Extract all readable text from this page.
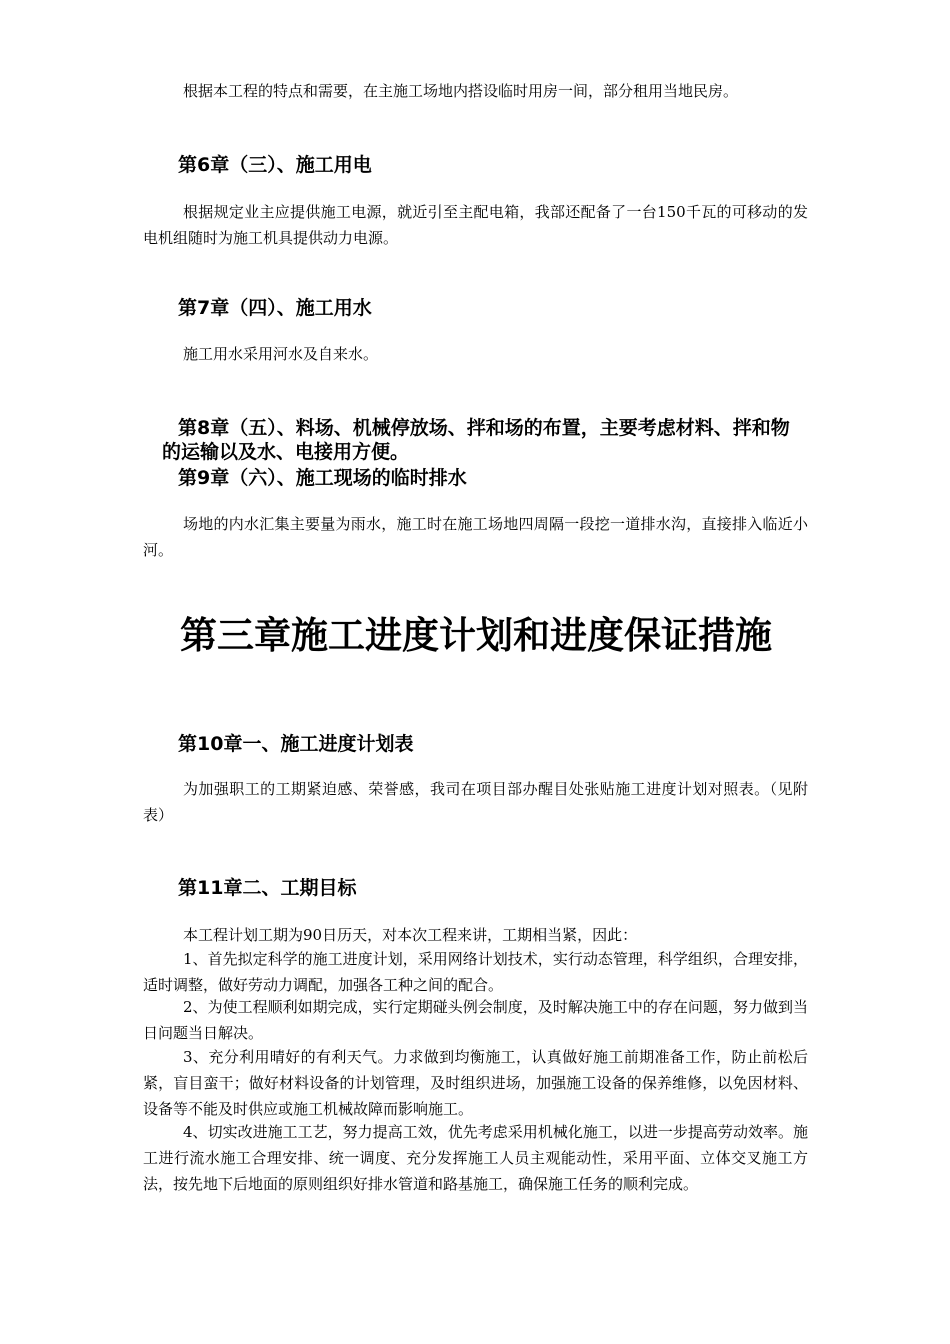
根据本工程的特点和需要，在主施工场地内搭设临时用房一间，部分租用当地民房。

第6章（三）、施工用电

根据规定业主应提供施工电源，就近引至主配电箱，我部还配备了一台150千瓦的可移动的发电机组随时为施工机具提供动力电源。

第7章（四）、施工用水

施工用水采用河水及自来水。

第8章（五）、料场、机械停放场、拌和场的布置，主要考虑材料、拌和物的运输以及水、电接用方便。
第9章（六）、施工现场的临时排水

场地的内水汇集主要量为雨水，施工时在施工场地四周隔一段挖一道排水沟，直接排入临近小河。

第三章施工进度计划和进度保证措施
第10章一、施工进度计划表

为加强职工的工期紧迫感、荣誉感，我司在项目部办醒目处张贴施工进度计划对照表。（见附表）

第11章二、工期目标

本工程计划工期为90日历天，对本次工程来讲，工期相当紧，因此：

1、首先拟定科学的施工进度计划，采用网络计划技术，实行动态管理，科学组织，合理安排，适时调整，做好劳动力调配，加强各工种之间的配合。

2、为使工程顺利如期完成，实行定期碰头例会制度，及时解决施工中的存在问题，努力做到当日问题当日解决。

3、充分利用晴好的有利天气。力求做到均衡施工，认真做好施工前期准备工作，防止前松后紧，盲目蛮干；做好材料设备的计划管理，及时组织进场，加强施工设备的保养维修，以免因材料、设备等不能及时供应或施工机械故障而影响施工。

4、切实改进施工工艺，努力提高工效，优先考虑采用机械化施工，以进一步提高劳动效率。施工进行流水施工合理安排、统一调度、充分发挥施工人员主观能动性，采用平面、立体交叉施工方法，按先地下后地面的原则组织好排水管道和路基施工，确保施工任务的顺利完成。
